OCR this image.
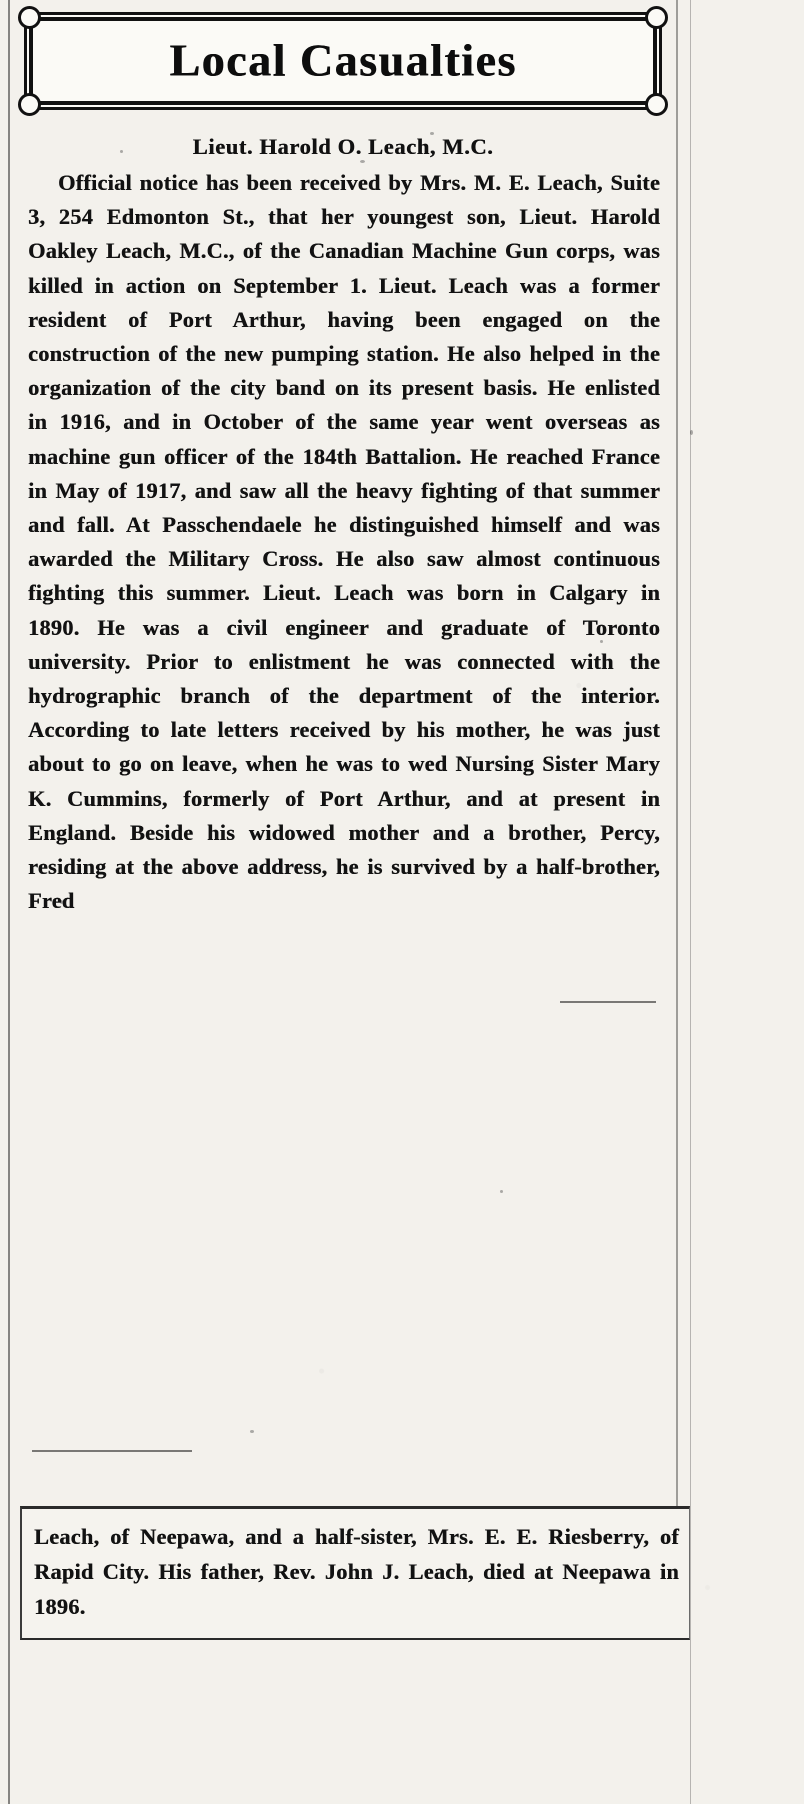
Local Casualties
Lieut. Harold O. Leach, M.C.
Official notice has been received by Mrs. M. E. Leach, Suite 3, 254 Edmonton St., that her youngest son, Lieut. Harold Oakley Leach, M.C., of the Canadian Machine Gun corps, was killed in action on September 1. Lieut. Leach was a former resident of Port Arthur, having been engaged on the construction of the new pumping station. He also helped in the organization of the city band on its present basis. He enlisted in 1916, and in October of the same year went overseas as machine gun officer of the 184th Battalion. He reached France in May of 1917, and saw all the heavy fighting of that summer and fall. At Passchendaele he distinguished himself and was awarded the Military Cross. He also saw almost continuous fighting this summer. Lieut. Leach was born in Calgary in 1890. He was a civil engineer and graduate of Toronto university. Prior to enlistment he was connected with the hydrographic branch of the department of the interior. According to late letters received by his mother, he was just about to go on leave, when he was to wed Nursing Sister Mary K. Cummins, formerly of Port Arthur, and at present in England. Beside his widowed mother and a brother, Percy, residing at the above address, he is survived by a half-brother, Fred
Leach, of Neepawa, and a half-sister, Mrs. E. E. Riesberry, of Rapid City. His father, Rev. John J. Leach, died at Neepawa in 1896.
